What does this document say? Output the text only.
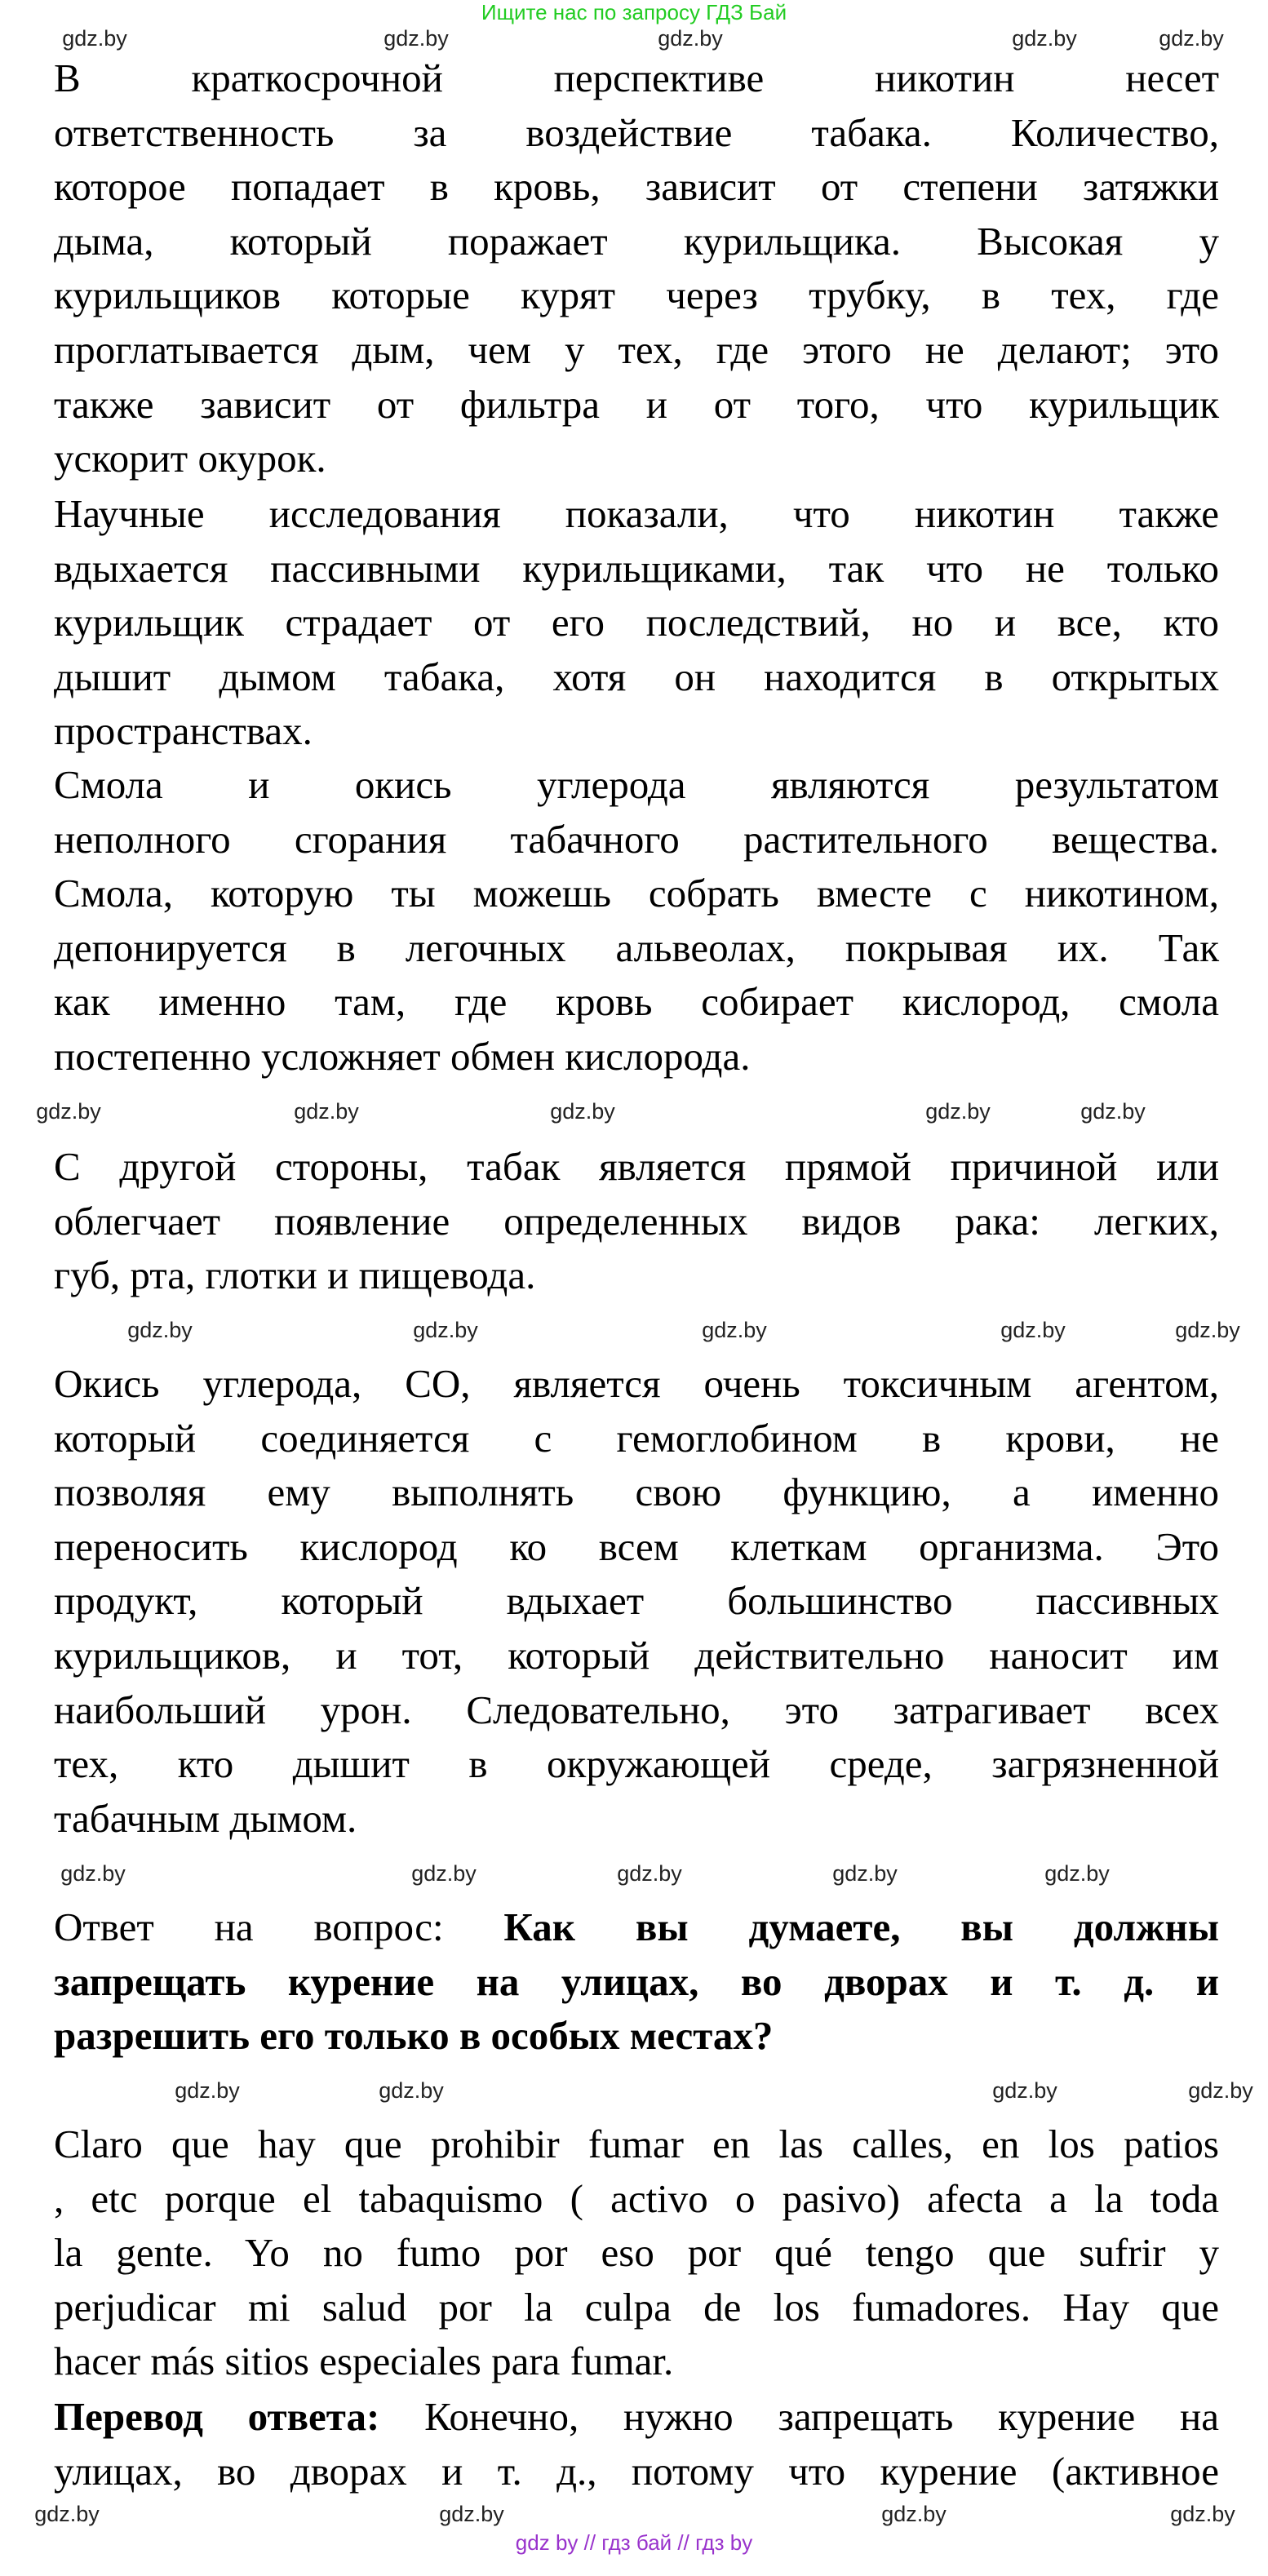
Ищите нас по запросу ГДЗ Бай
В краткосрочной перспективе никотин несет
ответственность за воздействие табака. Количество,
которое попадает в кровь, зависит от степени затяжки
дыма, который поражает курильщика. Высокая у
курильщиков которые курят через трубку, в тех, где
проглатывается дым, чем у тех, где этого не делают; это
также зависит от фильтра и от того, что курильщик
ускорит окурок.
Научные исследования показали, что никотин также
вдыхается пассивными курильщиками, так что не только
курильщик страдает от его последствий, но и все, кто
дышит дымом табака, хотя он находится в открытых
пространствах.
Смола и окись углерода являются результатом
неполного сгорания табачного растительного вещества.
Смола, которую ты можешь собрать вместе с никотином,
депонируется в легочных альвеолах, покрывая их. Так
как именно там, где кровь собирает кислород, смола
постепенно усложняет обмен кислорода.
С другой стороны, табак является прямой причиной или
облегчает появление определенных видов рака: легких,
губ, рта, глотки и пищевода.
Окись углерода, СО, является очень токсичным агентом,
который соединяется с гемоглобином в крови, не
позволяя ему выполнять свою функцию, а именно
переносить кислород ко всем клеткам организма. Это
продукт, который вдыхает большинство пассивных
курильщиков, и тот, который действительно наносит им
наибольший урон. Следовательно, это затрагивает всех
тех, кто дышит в окружающей среде, загрязненной
табачным дымом.
Ответ на вопрос: Как вы думаете, вы должны
запрещать курение на улицах, во дворах и т. д. и
разрешить его только в особых местах?
Claro que hay que prohibir fumar en las calles, en los patios
, etc porque el tabaquismo ( activo o pasivo) afecta a la toda
la gente. Yo no fumo por eso por qué tengo que sufrir y
perjudicar mi salud por la culpa de los fumadores. Hay que
hacer más sitios especiales para fumar.
Перевод ответа: Конечно, нужно запрещать курение на
улицах, во дворах и т. д., потому что курение (активное
gdz.by	gdz.by	gdz.by	gdz.by	gdz.by
gdz.by	gdz.by	gdz.by	gdz.by	gdz.by
gdz.by	gdz.by	gdz.by	gdz.by	gdz.by
gdz.by	gdz.by	gdz.by	gdz.by	gdz.by
gdz.by	gdz.by	gdz.by	gdz.by
gdz.by	gdz.by	gdz.by	gdz.by
gdz by // гдз бай // гдз by
